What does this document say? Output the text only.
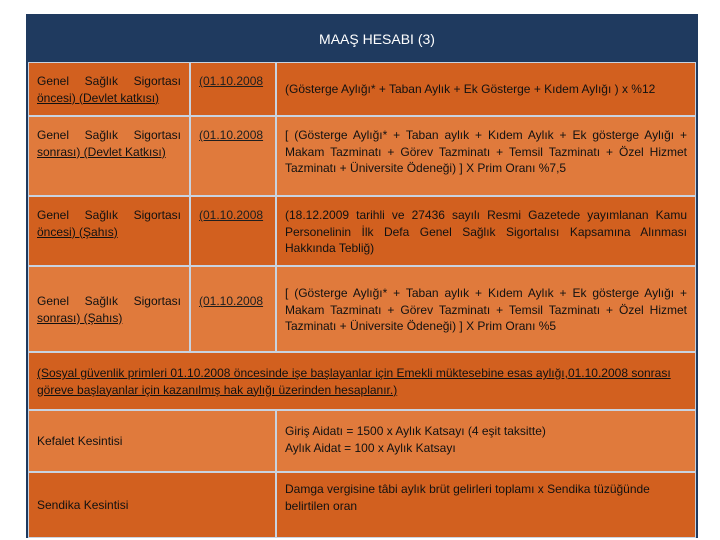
MAAŞ HESABI (3)
Genel Sağlık Sigortası
öncesi) (Devlet katkısı)
(01.10.2008
(Gösterge Aylığı* + Taban Aylık + Ek Gösterge + Kıdem Aylığı ) x %12
Genel Sağlık Sigortası
sonrası) (Devlet Katkısı)
(01.10.2008	[ (Gösterge Aylığı* + Taban aylık + Kıdem Aylık + Ek gösterge Aylığı + Makam Tazminatı + Görev Tazminatı + Temsil Tazminatı + Özel Hizmet Tazminatı + Üniversite Ödeneği) ] X Prim Oranı %7,5
Genel Sağlık Sigortası
öncesi) (Şahıs)
(01.10.2008	(18.12.2009 tarihli ve 27436 sayılı Resmi Gazetede yayımlanan Kamu Personelinin İlk Defa Genel Sağlık Sigortalısı Kapsamına Alınması Hakkında Tebliğ)
Genel Sağlık Sigortası
sonrası) (Şahıs)
(01.10.2008
[ (Gösterge Aylığı* + Taban aylık + Kıdem Aylık + Ek gösterge Aylığı + Makam Tazminatı + Görev Tazminatı + Temsil Tazminatı + Özel Hizmet Tazminatı + Üniversite Ödeneği) ] X Prim Oranı %5
(Sosyal güvenlik primleri 01.10.2008 öncesinde işe başlayanlar için Emekli müktesebine esas aylığı,01.10.2008 sonrası göreve başlayanlar için kazanılmış hak aylığı üzerinden hesaplanır.)
Kefalet Kesintisi
Giriş Aidatı = 1500 x Aylık Katsayı (4 eşit taksitte)
Aylık Aidat = 100 x Aylık Katsayı
Sendika Kesintisi
Damga vergisine tâbi aylık brüt gelirleri toplamı x Sendika tüzüğünde belirtilen oran
